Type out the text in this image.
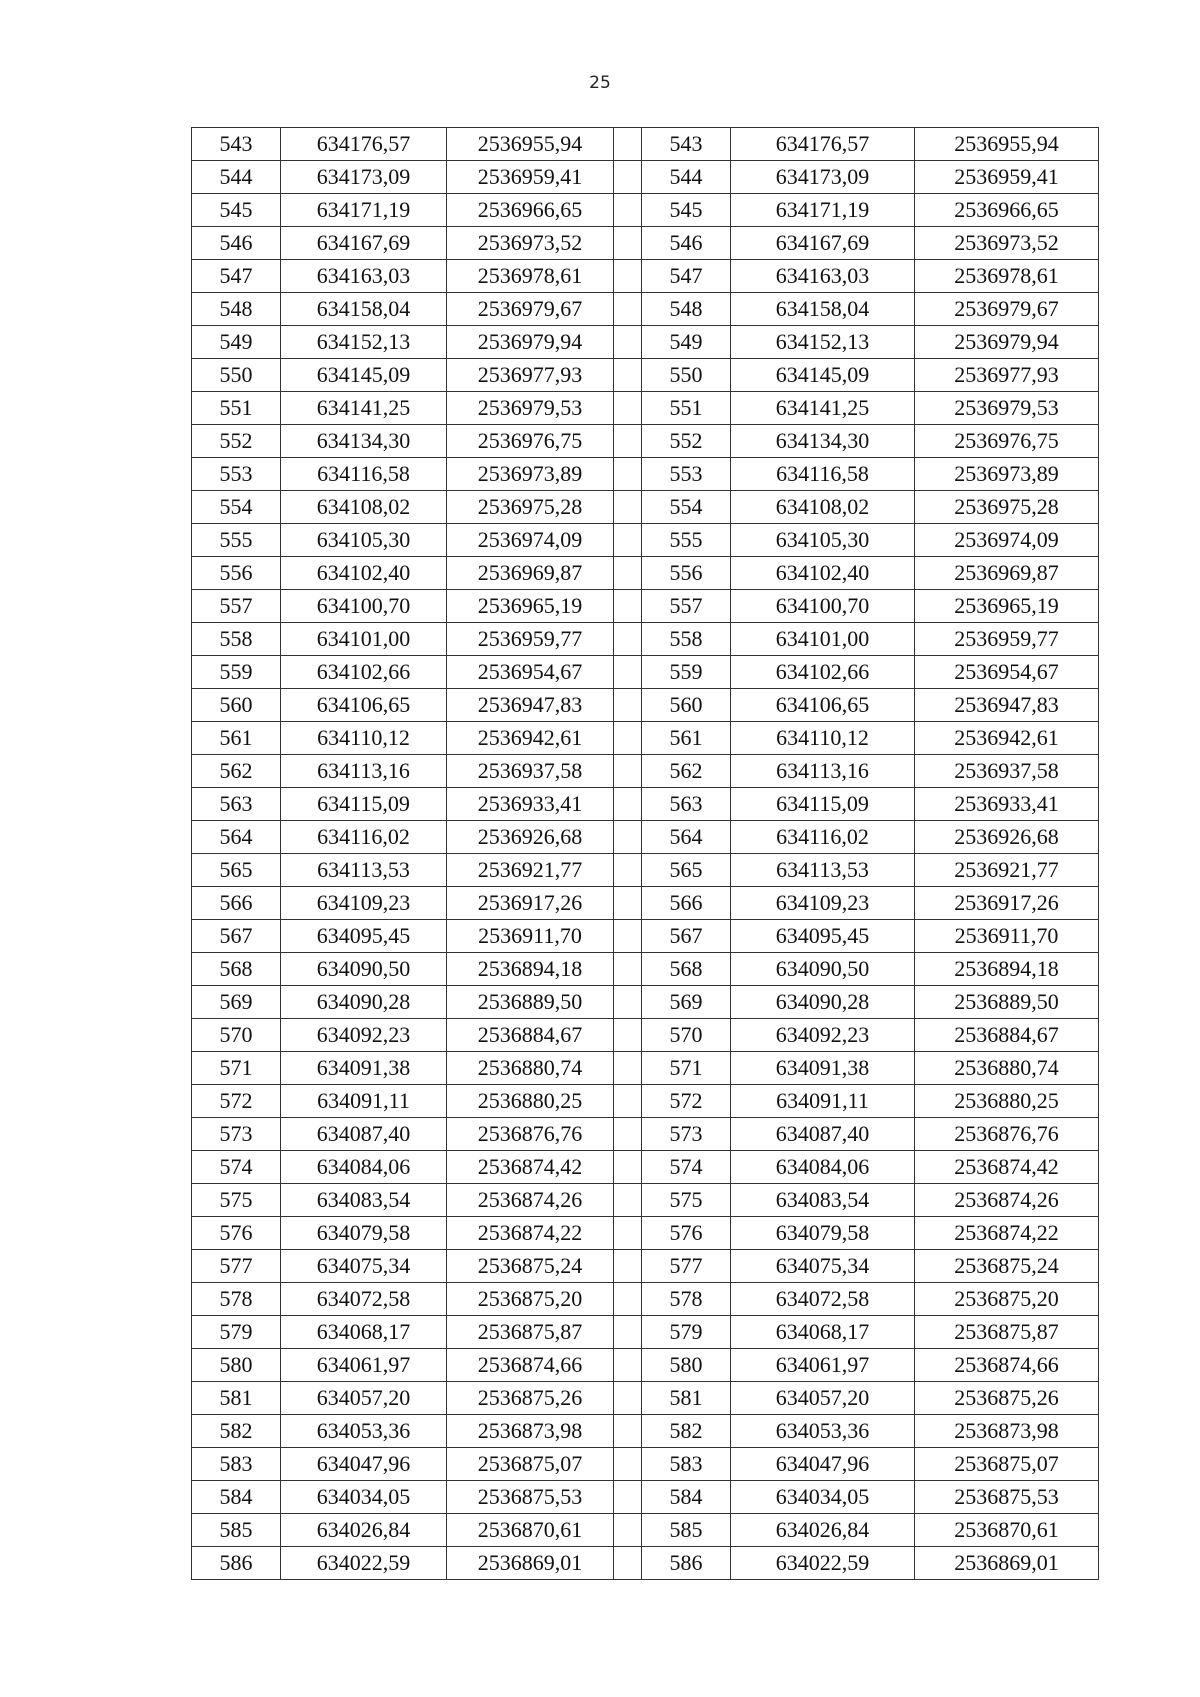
25
543	634176,57	2536955,94		543	634176,57	2536955,94
544	634173,09	2536959,41		544	634173,09	2536959,41
545	634171,19	2536966,65		545	634171,19	2536966,65
546	634167,69	2536973,52		546	634167,69	2536973,52
547	634163,03	2536978,61		547	634163,03	2536978,61
548	634158,04	2536979,67		548	634158,04	2536979,67
549	634152,13	2536979,94		549	634152,13	2536979,94
550	634145,09	2536977,93		550	634145,09	2536977,93
551	634141,25	2536979,53		551	634141,25	2536979,53
552	634134,30	2536976,75		552	634134,30	2536976,75
553	634116,58	2536973,89		553	634116,58	2536973,89
554	634108,02	2536975,28		554	634108,02	2536975,28
555	634105,30	2536974,09		555	634105,30	2536974,09
556	634102,40	2536969,87		556	634102,40	2536969,87
557	634100,70	2536965,19		557	634100,70	2536965,19
558	634101,00	2536959,77		558	634101,00	2536959,77
559	634102,66	2536954,67		559	634102,66	2536954,67
560	634106,65	2536947,83		560	634106,65	2536947,83
561	634110,12	2536942,61		561	634110,12	2536942,61
562	634113,16	2536937,58		562	634113,16	2536937,58
563	634115,09	2536933,41		563	634115,09	2536933,41
564	634116,02	2536926,68		564	634116,02	2536926,68
565	634113,53	2536921,77		565	634113,53	2536921,77
566	634109,23	2536917,26		566	634109,23	2536917,26
567	634095,45	2536911,70		567	634095,45	2536911,70
568	634090,50	2536894,18		568	634090,50	2536894,18
569	634090,28	2536889,50		569	634090,28	2536889,50
570	634092,23	2536884,67		570	634092,23	2536884,67
571	634091,38	2536880,74		571	634091,38	2536880,74
572	634091,11	2536880,25		572	634091,11	2536880,25
573	634087,40	2536876,76		573	634087,40	2536876,76
574	634084,06	2536874,42		574	634084,06	2536874,42
575	634083,54	2536874,26		575	634083,54	2536874,26
576	634079,58	2536874,22		576	634079,58	2536874,22
577	634075,34	2536875,24		577	634075,34	2536875,24
578	634072,58	2536875,20		578	634072,58	2536875,20
579	634068,17	2536875,87		579	634068,17	2536875,87
580	634061,97	2536874,66		580	634061,97	2536874,66
581	634057,20	2536875,26		581	634057,20	2536875,26
582	634053,36	2536873,98		582	634053,36	2536873,98
583	634047,96	2536875,07		583	634047,96	2536875,07
584	634034,05	2536875,53		584	634034,05	2536875,53
585	634026,84	2536870,61		585	634026,84	2536870,61
586	634022,59	2536869,01		586	634022,59	2536869,01
